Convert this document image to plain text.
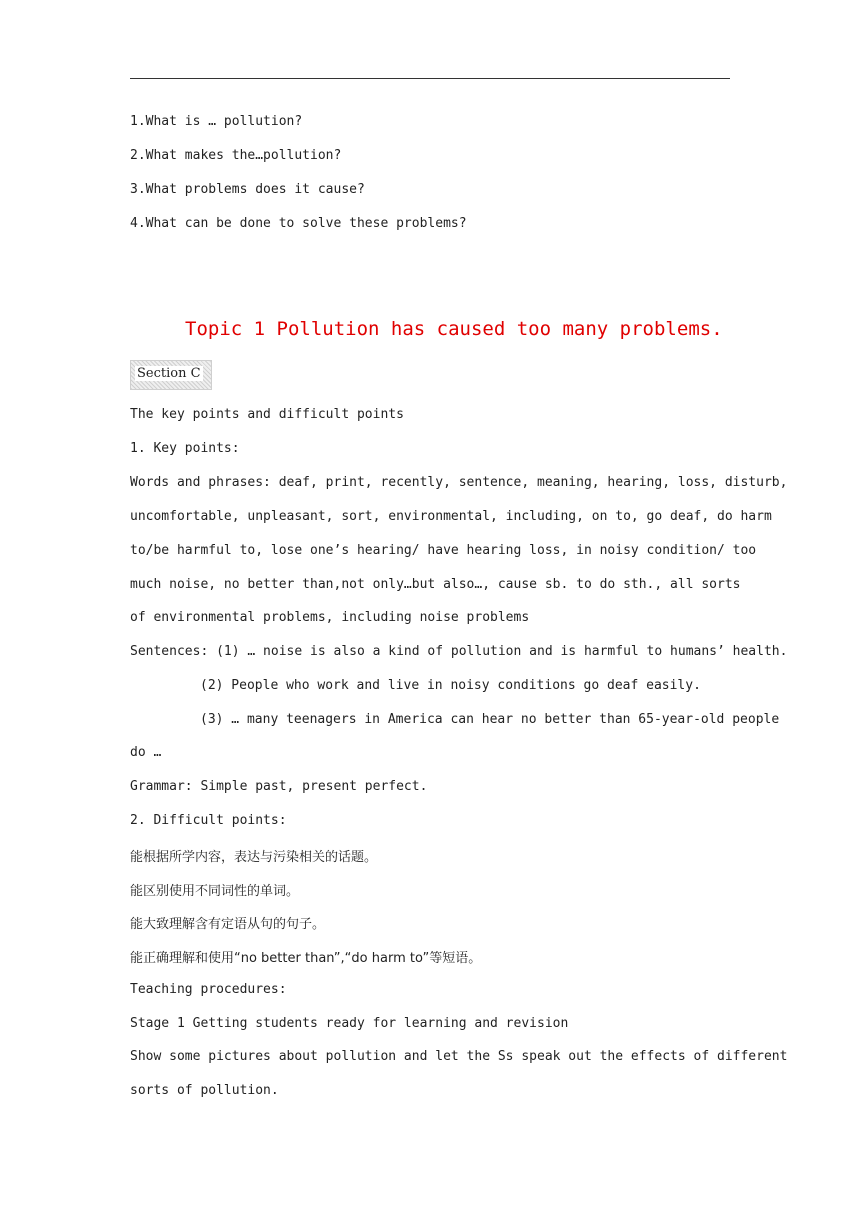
1.What is … pollution?
2.What makes the…pollution?
3.What problems does it cause?
4.What can be done to solve these problems?
Topic 1 Pollution has caused too many problems.
Section C
The key points and difficult points
1. Key points:
Words and phrases: deaf, print, recently, sentence, meaning, hearing, loss, disturb,
uncomfortable, unpleasant, sort, environmental, including, on to, go deaf, do harm
to/be harmful to, lose one’s hearing/ have hearing loss, in noisy condition/ too
much noise, no better than,not only…but also…, cause sb. to do sth., all sorts
of environmental problems, including noise problems
Sentences: (1) … noise is also a kind of pollution and is harmful to humans’ health.
(2) People who work and live in noisy conditions go deaf easily.
(3) … many teenagers in America can hear no better than 65-year-old people
do …
Grammar: Simple past, present perfect.
2. Difficult points:
能根据所学内容，表达与污染相关的话题。
能区别使用不同词性的单词。
能大致理解含有定语从句的句子。
能正确理解和使用“no better than”,“do harm to”等短语。
Teaching procedures:
Stage 1 Getting students ready for learning and revision
Show some pictures about pollution and let the Ss speak out the effects of different
sorts of pollution.
